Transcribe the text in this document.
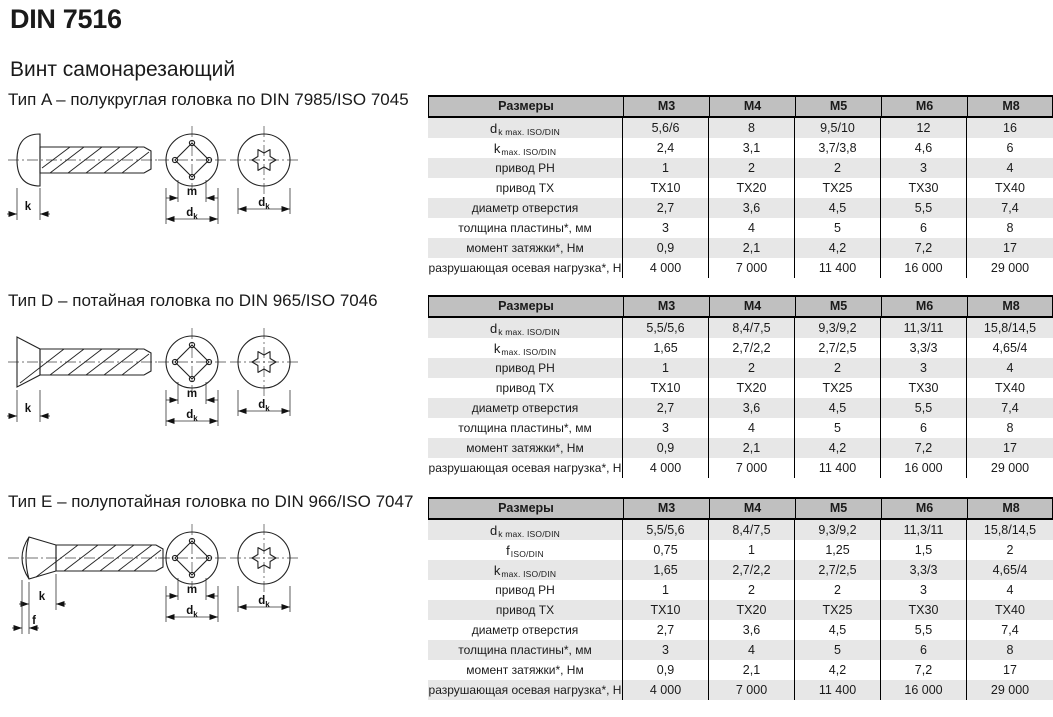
DIN 7516
Винт самонарезающий
Тип A – полукруглая головка по DIN 7985/ISO 7045
Тип D – потайная головка по DIN 965/ISO 7046
Тип E – полупотайная головка по DIN 966/ISO 7047
k
m
dk
dk
k
m
dk
dk
k
f
m
dk
dk
Размеры	M3	M4	M5	M6	M8
d k max. ISO/DIN	5,6/6	8	9,5/10	12	16
k max. ISO/DIN	2,4	3,1	3,7/3,8	4,6	6
привод PH	1	2	2	3	4
привод TX	TX10	TX20	TX25	TX30	TX40
диаметр отверстия	2,7	3,6	4,5	5,5	7,4
толщина пластины*, мм	3	4	5	6	8
момент затяжки*, Нм	0,9	2,1	4,2	7,2	17
разрушающая осевая нагрузка*, Н	4 000	7 000	11 400	16 000	29 000
Размеры	M3	M4	M5	M6	M8
d k max. ISO/DIN	5,5/5,6	8,4/7,5	9,3/9,2	11,3/11	15,8/14,5
k max. ISO/DIN	1,65	2,7/2,2	2,7/2,5	3,3/3	4,65/4
привод PH	1	2	2	3	4
привод TX	TX10	TX20	TX25	TX30	TX40
диаметр отверстия	2,7	3,6	4,5	5,5	7,4
толщина пластины*, мм	3	4	5	6	8
момент затяжки*, Нм	0,9	2,1	4,2	7,2	17
разрушающая осевая нагрузка*, Н	4 000	7 000	11 400	16 000	29 000
Размеры	M3	M4	M5	M6	M8
d k max. ISO/DIN	5,5/5,6	8,4/7,5	9,3/9,2	11,3/11	15,8/14,5
f ISO/DIN	0,75	1	1,25	1,5	2
k max. ISO/DIN	1,65	2,7/2,2	2,7/2,5	3,3/3	4,65/4
привод PH	1	2	2	3	4
привод TX	TX10	TX20	TX25	TX30	TX40
диаметр отверстия	2,7	3,6	4,5	5,5	7,4
толщина пластины*, мм	3	4	5	6	8
момент затяжки*, Нм	0,9	2,1	4,2	7,2	17
разрушающая осевая нагрузка*, Н	4 000	7 000	11 400	16 000	29 000
